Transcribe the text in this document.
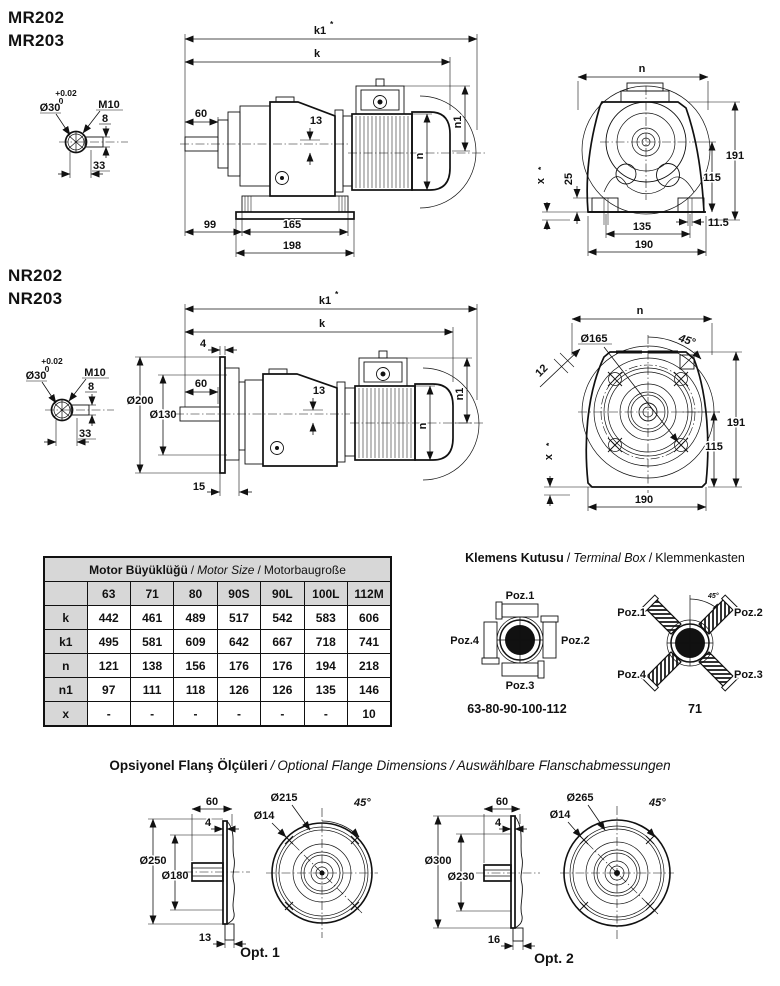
MR202
MR203
+0.02
0
Ø30	M10
8
33
k1
*
k
60
13
n
n1
99	165
198
n
25
x
*
11.5
135
190
191
115
NR202
NR203
+0.02
0
Ø30	M10
8
33
k1
*
k
Ø200
Ø130
60
4
15
13
n
n1
n
Ø165	45°
12
191
115
190
x
*
Motor Büyüklüğü / Motor Size / Motorbaugroße							
	63	71	80	90S	90L	100L	112M
k	442	461	489	517	542	583	606
k1	495	581	609	642	667	718	741
n	121	138	156	176	176	194	218
n1	97	111	118	126	126	135	146
x	-	-	-	-	-	-	10
Klemens Kutusu / Terminal Box / Klemmenkasten
Poz.1
Poz.2
Poz.3
Poz.4
63-80-90-100-112
45°
Poz.1	Poz.2
Poz.3
Poz.4
71
Opsiyonel Flanş Ölçüleri / Optional Flange Dimensions / Auswählbare Flanschabmessungen
Ø250
Ø180
60
4
13
Ø215
Ø14
45°
Opt. 1
Ø300
Ø230
60
4
16
Ø265
Ø14
45°
Opt. 2
